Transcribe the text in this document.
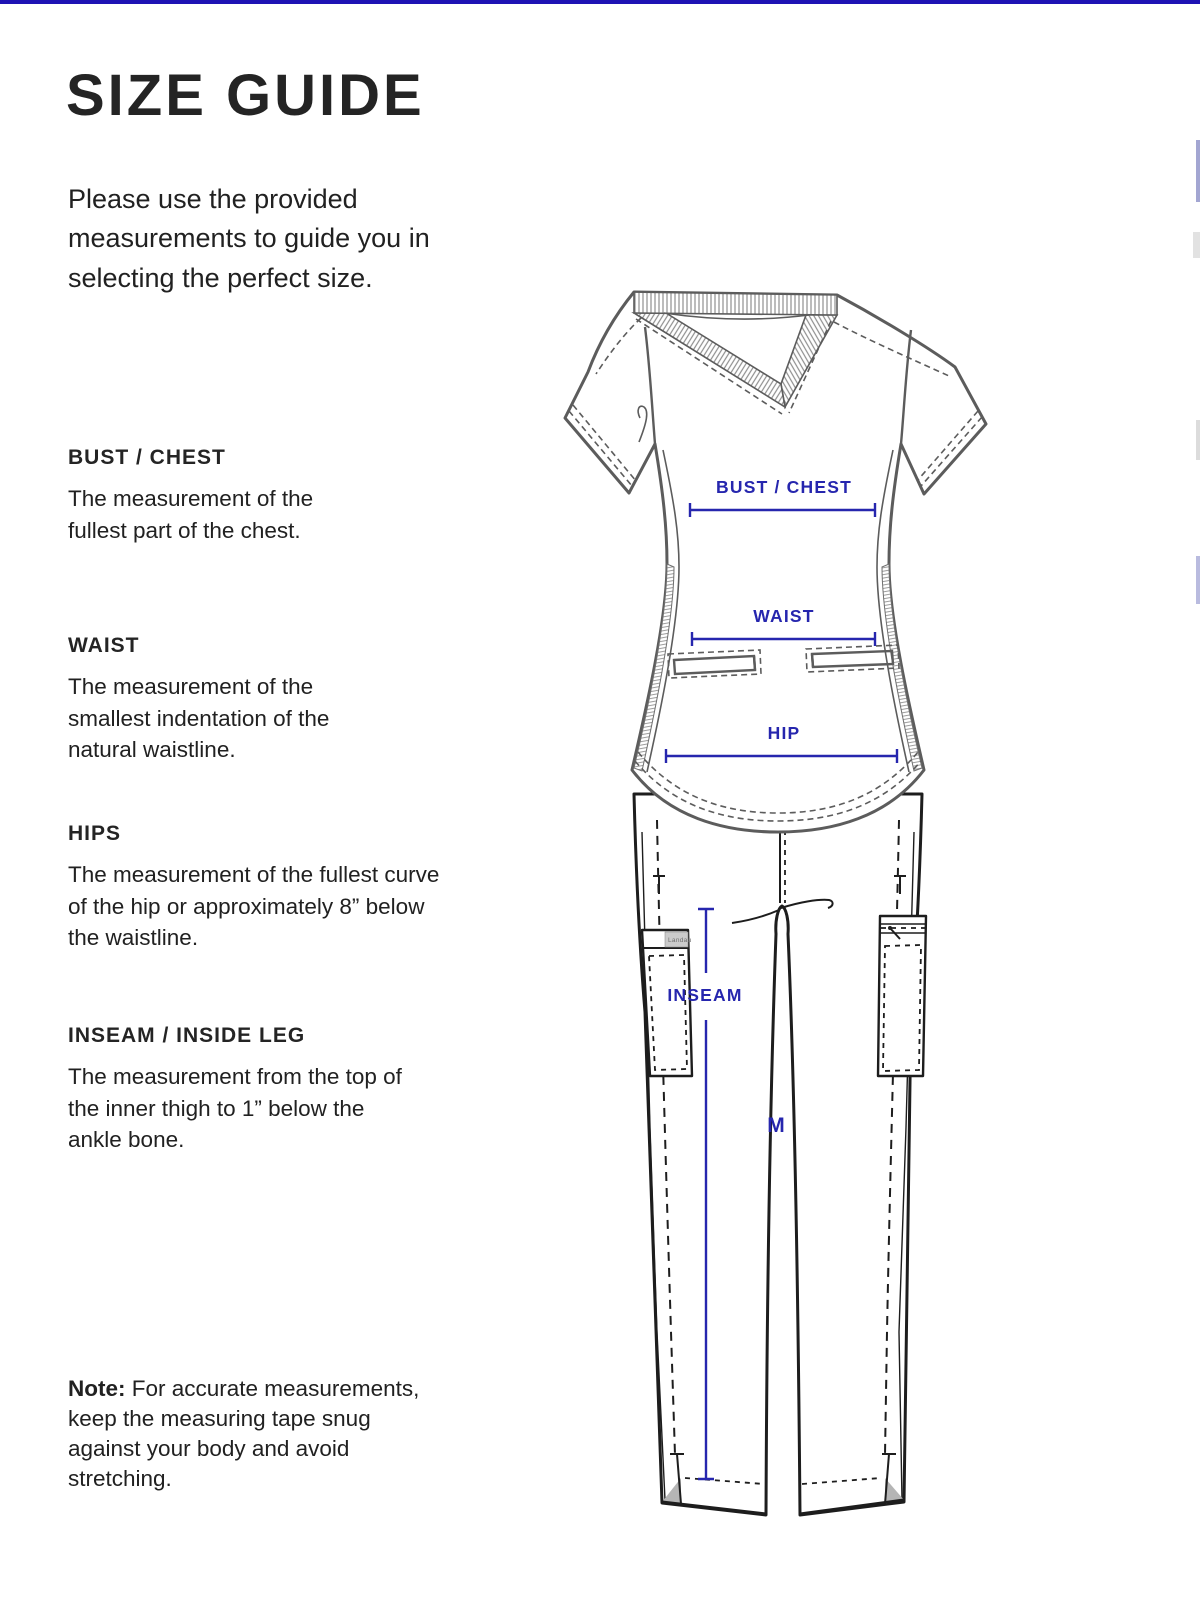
SIZE GUIDE

Please use the provided measurements to guide you in selecting the perfect size.

BUST / CHEST

The measurement of the fullest part of the chest.

WAIST

The measurement of the smallest indentation of the natural waistline.

HIPS

The measurement of the fullest curve of the hip or approximately 8” below the waistline.

INSEAM / INSIDE LEG

The measurement from the top of the inner thigh to 1” below the ankle bone.

Note: For accurate measurements, keep the measuring tape snug against your body and avoid stretching.

Landau
BUST / CHEST
WAIST
HIP
INSEAM
M
